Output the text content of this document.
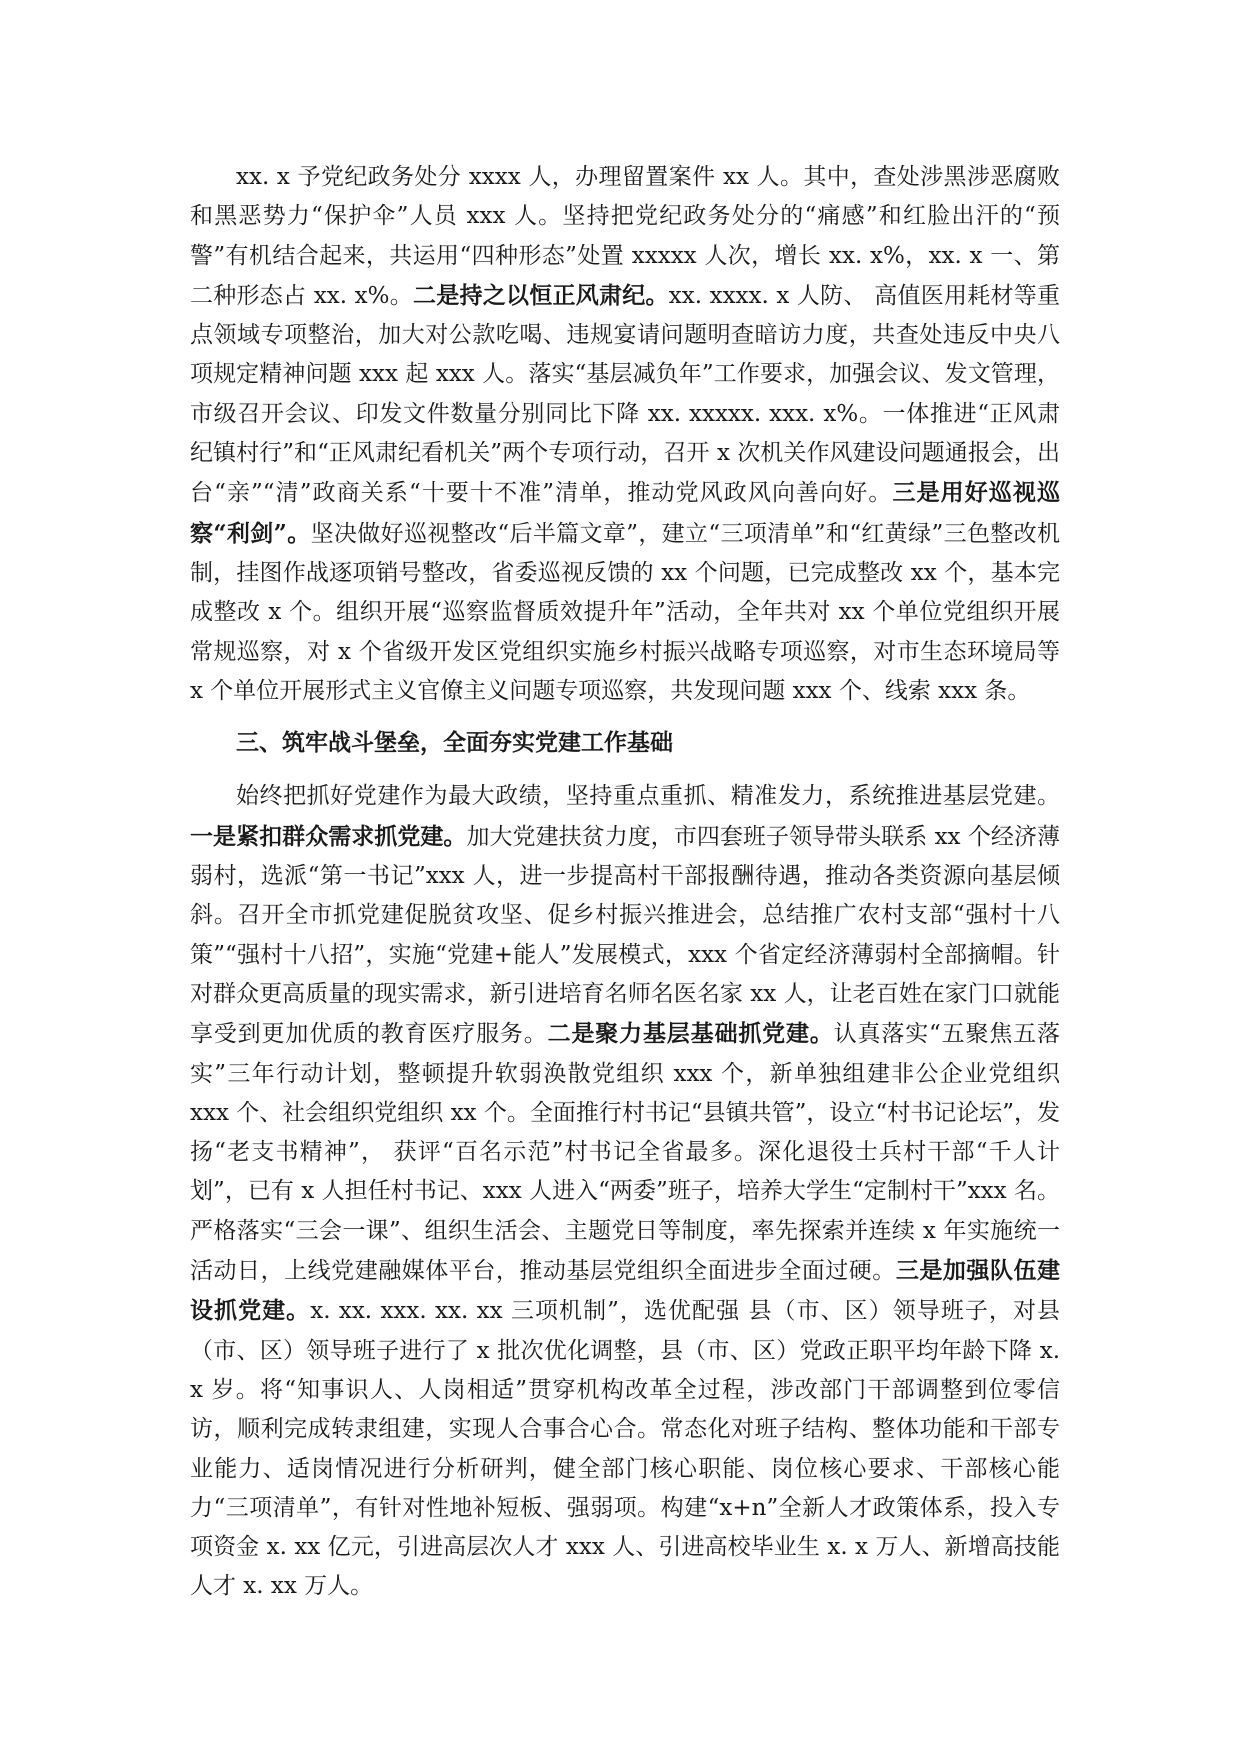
xx. x 予党纪政务处分 xxxx 人，办理留置案件 xx 人。其中，查处涉黑涉恶腐败和黑恶势力“保护伞”人员 xxx 人。坚持把党纪政务处分的“痛感”和红脸出汗的“预警”有机结合起来，共运用“四种形态”处置 xxxxx 人次，增长 xx. x%，xx. x 一、第二种形态占 xx. x%。二是持之以恒正风肃纪。xx. xxxx. x 人防、 高值医用耗材等重点领域专项整治，加大对公款吃喝、违规宴请问题明查暗访力度，共查处违反中央八项规定精神问题 xxx 起 xxx 人。落实“基层减负年”工作要求，加强会议、发文管理，市级召开会议、印发文件数量分别同比下降 xx. xxxxx. xxx. x%。一体推进“正风肃纪镇村行”和“正风肃纪看机关”两个专项行动，召开 x 次机关作风建设问题通报会，出台“亲”“清”政商关系“十要十不准”清单，推动党风政风向善向好。三是用好巡视巡察“利剑”。坚决做好巡视整改“后半篇文章”，建立“三项清单”和“红黄绿”三色整改机制，挂图作战逐项销号整改，省委巡视反馈的 xx 个问题，已完成整改 xx 个，基本完成整改 x 个。组织开展“巡察监督质效提升年”活动，全年共对 xx 个单位党组织开展常规巡察，对 x 个省级开发区党组织实施乡村振兴战略专项巡察，对市生态环境局等 x 个单位开展形式主义官僚主义问题专项巡察，共发现问题 xxx 个、线索 xxx 条。

三、筑牢战斗堡垒，全面夯实党建工作基础

始终把抓好党建作为最大政绩，坚持重点重抓、精准发力，系统推进基层党建。一是紧扣群众需求抓党建。加大党建扶贫力度，市四套班子领导带头联系 xx 个经济薄弱村，选派“第一书记”xxx 人，进一步提高村干部报酬待遇，推动各类资源向基层倾斜。召开全市抓党建促脱贫攻坚、促乡村振兴推进会，总结推广农村支部“强村十八策”“强村十八招”，实施“党建+能人”发展模式，xxx 个省定经济薄弱村全部摘帽。针对群众更高质量的现实需求，新引进培育名师名医名家 xx 人，让老百姓在家门口就能享受到更加优质的教育医疗服务。二是聚力基层基础抓党建。认真落实“五聚焦五落实”三年行动计划，整顿提升软弱涣散党组织 xxx 个，新单独组建非公企业党组织 xxx 个、社会组织党组织 xx 个。全面推行村书记“县镇共管”，设立“村书记论坛”，发扬“老支书精神”， 获评“百名示范”村书记全省最多。深化退役士兵村干部“千人计划”，已有 x 人担任村书记、xxx 人进入“两委”班子，培养大学生“定制村干”xxx 名。严格落实“三会一课”、组织生活会、主题党日等制度，率先探索并连续 x 年实施统一活动日，上线党建融媒体平台，推动基层党组织全面进步全面过硬。三是加强队伍建设抓党建。x. xx. xxx. xx. xx 三项机制”，选优配强 县（市、区）领导班子，对县（市、区）领导班子进行了 x 批次优化调整，县（市、区）党政正职平均年龄下降 x. x 岁。将“知事识人、人岗相适”贯穿机构改革全过程，涉改部门干部调整到位零信访，顺利完成转隶组建，实现人合事合心合。常态化对班子结构、整体功能和干部专业能力、适岗情况进行分析研判，健全部门核心职能、岗位核心要求、干部核心能力“三项清单”，有针对性地补短板、强弱项。构建“x+n”全新人才政策体系，投入专项资金 x. xx 亿元，引进高层次人才 xxx 人、引进高校毕业生 x. x 万人、新增高技能人才 x. xx 万人。
